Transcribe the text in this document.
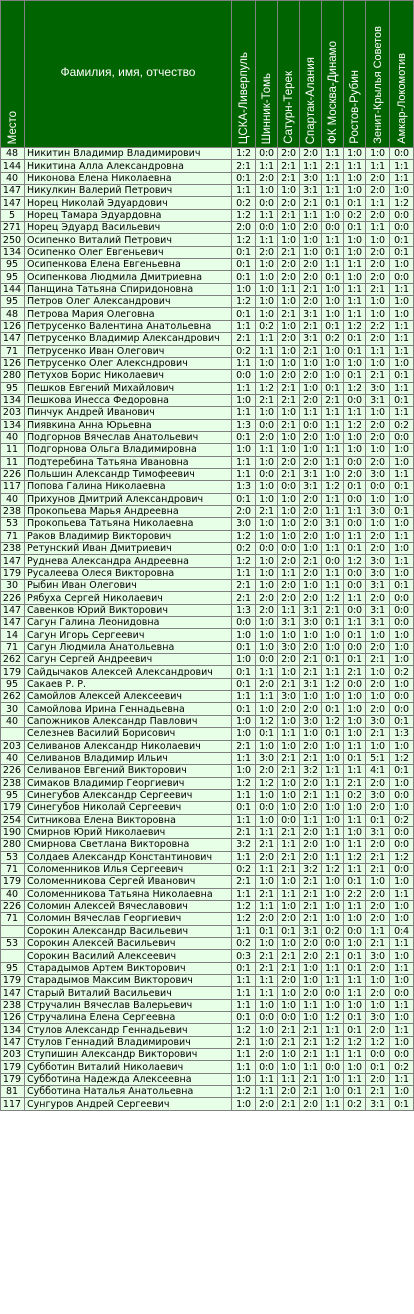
Место	Фамилия, имя, отчество	ЦСКА-Ливерпуль	Шинник-Томь	Сатурн-Терек	Спартак-Алания	ФК Москва-Динамо	Ростов-Рубин	Зенит-Крылья Советов	Амкар-Локомотив

48	Никитин Владимир Владимирович	1:2	0:0	2:0	2:0	1:1	1:0	1:0	0:0
144	Никитина Алла Александровна	2:1	1:1	2:1	1:1	2:1	1:1	1:1	1:1
40	Никонова Елена Николаевна	0:1	2:0	2:1	3:0	1:1	1:0	2:0	1:1
147	Никулкин Валерий Петрович	1:1	1:0	1:0	3:1	1:1	1:0	2:0	1:0
147	Норец Николай Эдуардович	0:2	0:0	2:0	2:1	0:1	0:1	1:1	1:2
5	Норец Тамара Эдуардовна	1:2	1:1	2:1	1:1	1:0	0:2	2:0	0:0
271	Норец Эдуард Васильевич	2:0	0:0	1:0	2:0	0:0	0:1	1:1	0:0
250	Осипенко Виталий Петрович	1:2	1:1	1:0	1:0	1:1	1:0	1:0	0:1
134	Осипенко Олег Евгеньевич	0:1	2:0	2:1	1:0	0:1	1:0	2:0	0:1
95	Осипенкова Елена Евгеньевна	0:1	1:0	2:0	2:0	1:1	1:1	2:0	1:0
95	Осипенкова Людмила Дмитриевна	0:1	1:0	2:0	2:0	0:1	1:0	2:0	0:0
144	Панщина Татьяна Спиридоновна	1:0	1:0	1:1	2:1	1:0	1:1	2:1	1:1
95	Петров Олег Александрович	1:2	1:0	1:0	2:0	1:0	1:1	1:0	1:0
48	Петрова Мария Олеговна	0:1	1:0	2:1	3:1	1:0	1:1	1:0	1:0
126	Петрусенко Валентина Анатольевна	1:1	0:2	1:0	2:1	0:1	1:2	2:2	1:1
147	Петрусенко Владимир Александрович	2:1	1:1	2:0	3:1	0:2	0:1	2:0	1:1
71	Петрусенко Иван Олегович	0:2	1:1	1:0	2:1	1:0	0:1	1:1	1:1
126	Петрусенко Олег Алексндрович	1:1	1:0	1:0	1:0	1:0	1:0	1:0	1:0
280	Петухов Борис Николаевич	0:0	1:0	2:0	2:0	1:0	0:1	2:1	0:1
95	Пешков Евгений Михайлович	1:1	1:2	2:1	1:0	0:1	1:2	3:0	1:1
134	Пешкова Инесса Федоровна	1:0	2:1	2:1	2:0	2:1	0:0	3:1	0:1
203	Пинчук Андрей Иванович	1:1	1:0	1:0	1:1	1:1	1:1	1:0	1:1
134	Пиявкина Анна Юрьевна	1:3	0:0	2:1	0:0	1:1	1:2	2:0	0:2
40	Подгорнов Вячеслав Анатольевич	0:1	2:0	1:0	2:0	1:0	1:0	2:0	0:0
11	Подгорнова Ольга Владимировна	1:0	1:1	1:0	1:0	1:1	1:0	1:0	1:0
11	Подтеребина Татьяна Ивановна	1:1	1:0	2:0	2:0	1:1	0:0	2:0	1:0
226	Польшин Александр Тимофеевич	1:1	0:0	2:1	3:1	1:0	2:0	3:0	1:1
117	Попова Галина Николаевна	1:3	1:0	0:0	3:1	1:2	0:1	0:0	0:1
40	Прихунов Дмитрий Александрович	0:1	1:0	1:0	2:0	1:1	0:0	1:0	1:0
238	Прокопьева Марья Андреевна	2:0	2:1	1:0	2:0	1:1	1:1	3:0	0:1
53	Прокопьева Татьяна Николаевна	3:0	1:0	1:0	2:0	3:1	0:0	1:0	1:0
71	Раков Владимир Викторович	1:2	1:0	1:0	2:0	1:0	1:1	2:0	1:1
238	Ретунский Иван Дмитриевич	0:2	0:0	0:0	1:0	1:1	0:1	2:0	1:0
147	Руднева Александра Андреевна	1:2	1:0	2:0	2:1	0:0	1:2	3:0	1:1
179	Русалеева Олеся Викторовна	1:1	1:0	1:1	2:0	1:1	0:0	3:0	1:0
30	Рыбин Иван Олегович	2:1	1:0	2:0	1:0	1:1	0:0	3:1	0:1
226	Рябуха Сергей Николаевич	2:1	2:0	2:0	2:0	1:2	1:1	2:0	0:0
147	Савенков Юрий Викторович	1:3	2:0	1:1	3:1	2:1	0:0	3:1	0:0
147	Сагун Галина Леонидовна	0:0	1:0	3:1	3:0	0:1	1:1	3:1	0:0
14	Сагун Игорь Сергеевич	1:0	1:0	1:0	1:0	1:0	0:1	1:0	1:0
71	Сагун Людмила Анатольевна	0:1	1:0	3:0	2:0	1:0	0:0	2:0	1:0
262	Сагун Сергей Андреевич	1:0	0:0	2:0	2:1	0:1	0:1	2:1	1:0
179	Сайдычаков Алексей Александрович	0:1	1:1	1:0	2:1	1:1	2:1	1:0	0:2
95	Сакаев Р. Р.	0:1	2:0	2:1	3:1	1:2	0:0	2:0	1:0
262	Самойлов Алексей Алексеевич	1:1	1:1	3:0	1:0	1:0	1:0	1:0	0:0
30	Самойлова Ирина Геннадьевна	0:1	1:0	2:0	2:0	0:1	1:0	2:0	0:0
40	Сапожников Александр Павлович	1:0	1:2	1:0	3:0	1:2	1:0	3:0	0:1
	Селезнев Василий Борисович	1:0	0:1	1:1	1:0	0:1	1:0	2:1	1:3
203	Селиванов Александр Николаевич	2:1	1:0	1:0	2:0	1:0	1:1	1:0	1:0
40	Селиванов Владимир Ильич	1:1	3:0	2:1	2:1	1:0	0:1	5:1	1:2
226	Селиванов Евгений Викторович	1:0	2:0	2:1	3:2	1:1	1:1	4:1	0:1
238	Симаков Владимир Георгиевич	1:2	1:2	1:0	2:0	1:1	2:1	2:0	1:0
95	Синегубов Александр Сергеевич	1:1	1:0	1:0	2:1	1:1	0:2	3:0	0:0
179	Синегубов Николай Сергеевич	0:1	0:0	1:0	2:0	1:0	1:0	2:0	1:0
254	Ситникова Елена Викторовна	1:1	1:0	0:0	1:1	1:0	1:1	0:1	0:2
190	Смирнов Юрий Николаевич	2:1	1:1	2:1	2:0	1:1	1:0	3:1	0:0
280	Смирнова Светлана Викторовна	3:2	2:1	1:1	2:0	1:0	1:1	2:0	0:0
53	Солдаев Александр Константинович	1:1	2:0	2:1	2:0	1:1	1:2	2:1	1:2
71	Соломенников Илья Сергеевич	0:2	1:1	2:1	3:2	1:2	1:1	2:1	0:0
179	Соломенникова Сергей Иванович	2:1	1:0	1:0	2:1	1:0	0:1	1:0	1:0
40	Соломенникова Татьяна Николаевна	1:1	2:1	1:1	2:1	1:0	2:2	2:0	1:1
226	Соломин Алексей Вячеславович	1:2	1:1	1:0	2:1	1:0	1:1	2:0	1:0
71	Соломин Вячеслав Георгиевич	1:2	2:0	2:0	2:1	1:0	1:0	2:0	1:0
	Сорокин Александр Васильевич	1:1	0:1	0:1	3:1	0:2	0:0	1:1	0:4
53	Сорокин Алексей Васильевич	0:2	1:0	1:0	2:0	0:0	1:0	2:1	1:1
	Сорокин Василий Алексеевич	0:3	2:1	2:1	2:0	2:1	0:1	3:0	1:0
95	Старадымов Артем Викторович	0:1	2:1	2:1	1:0	1:1	0:1	2:0	1:1
179	Старадымов Максим Викторович	1:1	1:1	2:0	1:0	1:1	1:1	1:0	1:0
147	Старый Виталий Васильевич	1:1	1:1	1:0	2:0	0:0	1:1	2:0	0:0
238	Стручалин Вячеслав Валерьевич	1:1	1:0	1:0	1:1	1:0	1:0	1:0	1:1
126	Стручалина Елена Сергеевна	0:1	0:0	0:0	1:0	1:2	0:1	3:0	1:0
134	Стулов Александр Геннадьевич	1:2	1:0	2:1	2:1	1:1	0:1	2:0	1:1
147	Стулов Геннадий Владимирович	2:1	1:0	2:1	2:1	1:2	1:2	1:2	1:0
203	Ступишин Александр Викторович	1:1	2:0	1:0	2:1	1:1	1:1	0:0	0:0
179	Субботин Виталий Николаевич	1:1	0:0	1:0	1:1	0:0	1:0	0:1	0:2
179	Субботина Надежда Алексеевна	1:0	1:1	1:1	2:1	1:0	1:1	2:0	1:1
81	Субботина Наталья Анатольевна	1:2	1:1	2:0	2:1	1:0	0:1	2:1	1:0
117	Сунгуров Андрей Сергеевич	1:0	2:0	2:1	2:0	1:1	0:2	3:1	0:1
